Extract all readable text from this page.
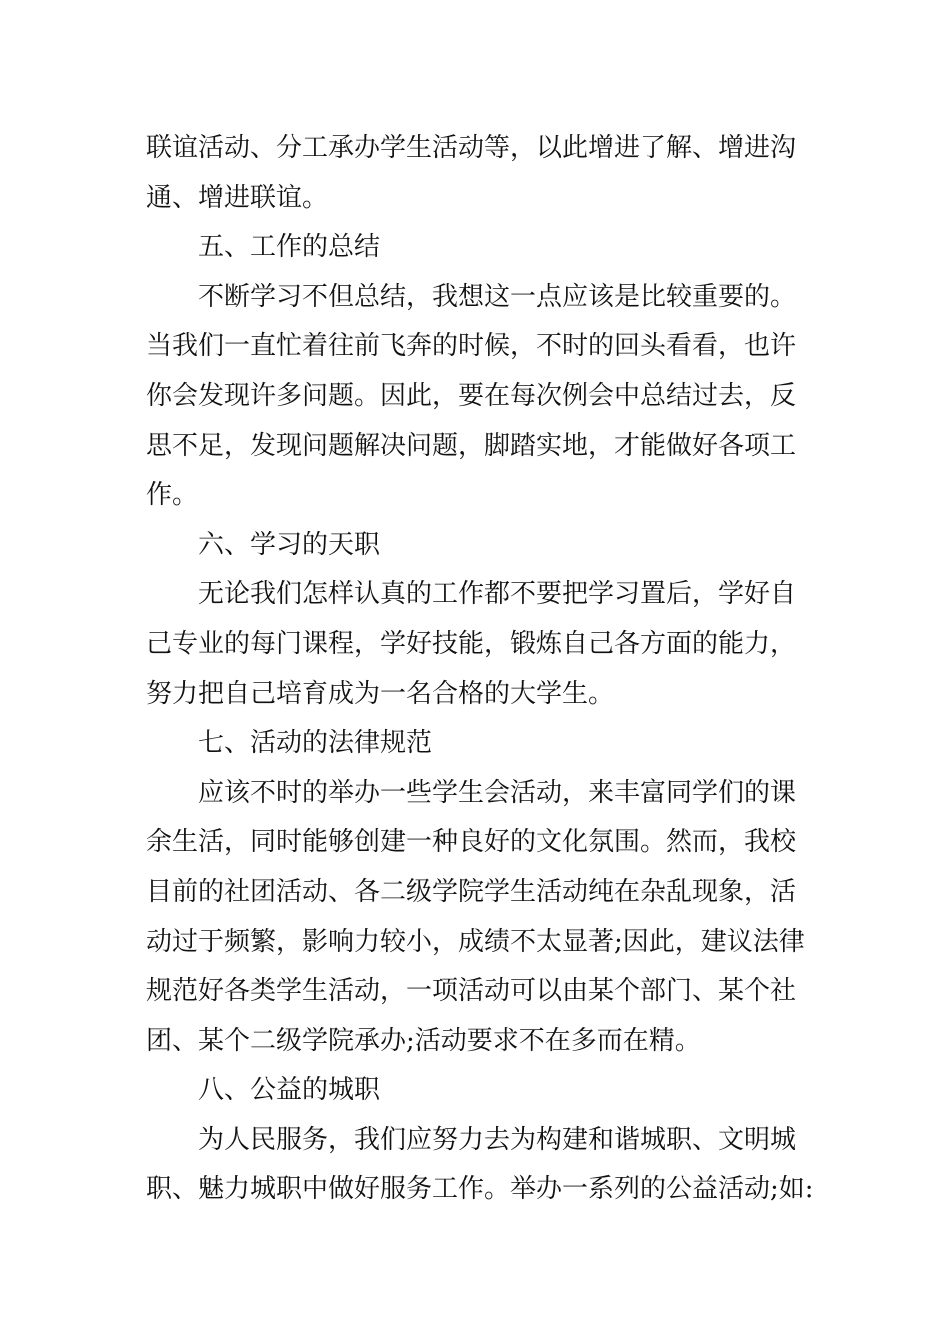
联谊活动、分工承办学生活动等，以此增进了解、增进沟
通、增进联谊。
五、工作的总结
不断学习不但总结，我想这一点应该是比较重要的。
当我们一直忙着往前飞奔的时候，不时的回头看看，也许
你会发现许多问题。因此，要在每次例会中总结过去，反
思不足，发现问题解决问题，脚踏实地，才能做好各项工
作。
六、学习的天职
无论我们怎样认真的工作都不要把学习置后，学好自
己专业的每门课程，学好技能，锻炼自己各方面的能力，
努力把自己培育成为一名合格的大学生。
七、活动的法律规范
应该不时的举办一些学生会活动，来丰富同学们的课
余生活，同时能够创建一种良好的文化氛围。然而，我校
目前的社团活动、各二级学院学生活动纯在杂乱现象，活
动过于频繁，影响力较小，成绩不太显著;因此，建议法律
规范好各类学生活动，一项活动可以由某个部门、某个社
团、某个二级学院承办;活动要求不在多而在精。
八、公益的城职
为人民服务，我们应努力去为构建和谐城职、文明城
职、魅力城职中做好服务工作。举办一系列的公益活动;如:
